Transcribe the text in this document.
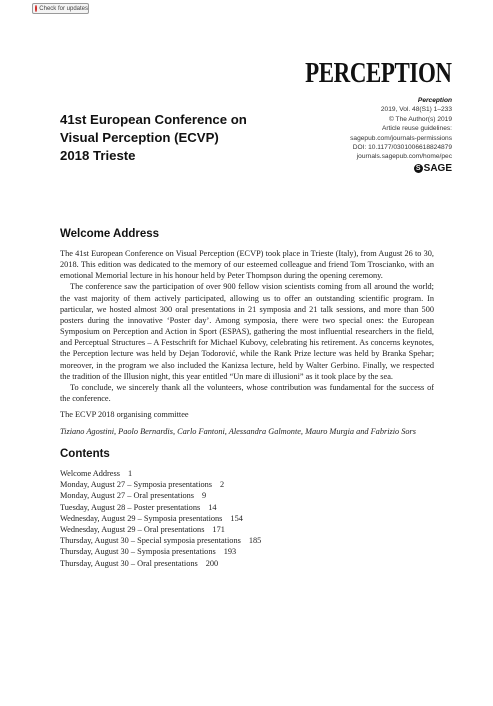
Check for updates
PERCEPTION
Perception
2019, Vol. 48(S1) 1–233
© The Author(s) 2019
Article reuse guidelines:
sagepub.com/journals-permissions
DOI: 10.1177/0301006618824879
journals.sagepub.com/home/pec
S SAGE
41st European Conference on
Visual Perception (ECVP)
2018 Trieste
Welcome Address

The 41st European Conference on Visual Perception (ECVP) took place in Trieste (Italy), from August 26 to 30, 2018. This edition was dedicated to the memory of our esteemed colleague and friend Tom Troscianko, with an emotional Memorial lecture in his honour held by Peter Thompson during the opening ceremony.

The conference saw the participation of over 900 fellow vision scientists coming from all around the world; the vast majority of them actively participated, allowing us to offer an outstanding scientific program. In particular, we hosted almost 300 oral presentations in 21 symposia and 21 talk sessions, and more than 500 posters during the innovative ‘Poster day’. Among symposia, there were two special ones: the European Symposium on Perception and Action in Sport (ESPAS), gathering the most influential researchers in the field, and Perceptual Structures – A Festschrift for Michael Kubovy, celebrating his retirement. As concerns keynotes, the Perception lecture was held by Dejan Todorović, while the Rank Prize lecture was held by Branka Spehar; moreover, in the program we also included the Kanizsa lecture, held by Walter Gerbino. Finally, we respected the tradition of the Illusion night, this year entitled “Un mare di illusioni” as it took place by the sea.

To conclude, we sincerely thank all the volunteers, whose contribution was fundamental for the success of the conference.

The ECVP 2018 organising committee
Tiziano Agostini, Paolo Bernardis, Carlo Fantoni, Alessandra Galmonte, Mauro Murgia and Fabrizio Sors
Contents
Welcome Address 1
Monday, August 27 – Symposia presentations 2
Monday, August 27 – Oral presentations 9
Tuesday, August 28 – Poster presentations 14
Wednesday, August 29 – Symposia presentations 154
Wednesday, August 29 – Oral presentations 171
Thursday, August 30 – Special symposia presentations 185
Thursday, August 30 – Symposia presentations 193
Thursday, August 30 – Oral presentations 200
